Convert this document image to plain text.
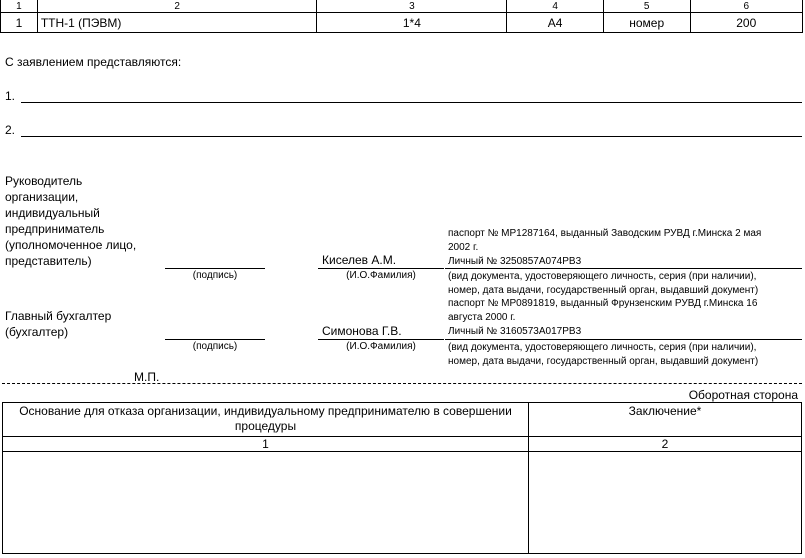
1	2	3	4	5	6
1	ТТН-1 (ПЭВМ)	1*4	А4	номер	200
С заявлением представляются:
1.
2.
Руководитель
организации,
индивидуальный
предприниматель
(уполномоченное лицо,
представитель)
(подпись)
Киселев А.М.
(И.О.Фамилия)
паспорт № МР1287164, выданный Заводским РУВД г.Минска 2 мая
2002 г.
Личный № 3250857А074РВ3
(вид документа, удостоверяющего личность, серия (при наличии),
номер, дата выдачи, государственный орган, выдавший документ)
Главный бухгалтер
(бухгалтер)
(подпись)
Симонова Г.В.
(И.О.Фамилия)
паспорт № МР0891819, выданный Фрунзенским РУВД г.Минска 16
августа 2000 г.
Личный № 3160573А017РВ3
(вид документа, удостоверяющего личность, серия (при наличии),
номер, дата выдачи, государственный орган, выдавший документ)
М.П.
Оборотная сторона
Основание для отказа организации, индивидуальному предпринимателю в совершении процедуры	Заключение*
1	2
